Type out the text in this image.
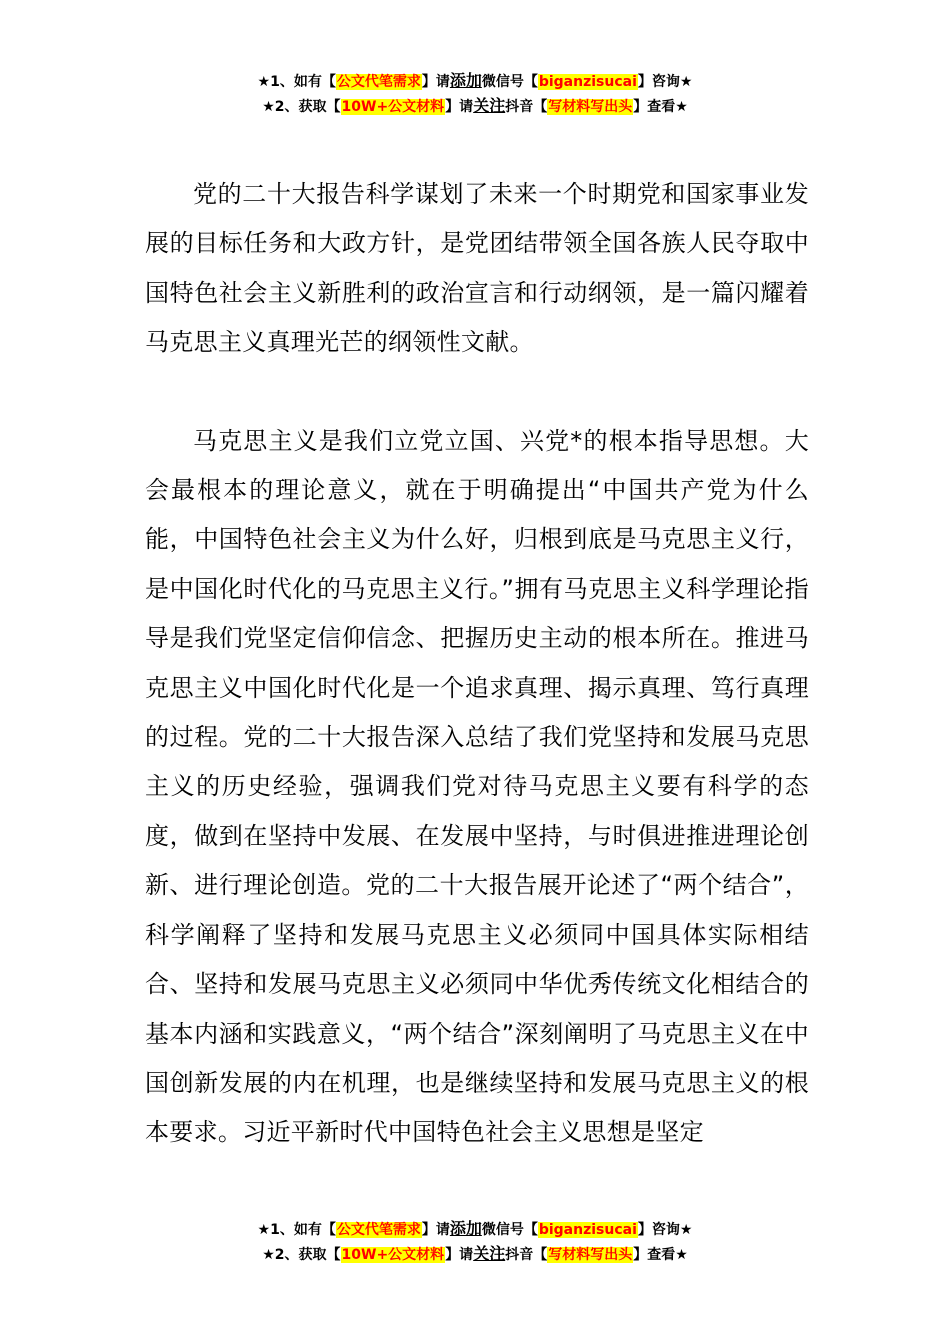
★1、如有【公文代笔需求】请添加微信号【biganzisucai】咨询★
★2、获取【10W+公文材料】请关注抖音【写材料写出头】查看★

党的二十大报告科学谋划了未来一个时期党和国家事业发展的目标任务和大政方针，是党团结带领全国各族人民夺取中国特色社会主义新胜利的政治宣言和行动纲领，是一篇闪耀着马克思主义真理光芒的纲领性文献。

马克思主义是我们立党立国、兴党*的根本指导思想。大会最根本的理论意义，就在于明确提出“中国共产党为什么能，中国特色社会主义为什么好，归根到底是马克思主义行，是中国化时代化的马克思主义行。”拥有马克思主义科学理论指导是我们党坚定信仰信念、把握历史主动的根本所在。推进马克思主义中国化时代化是一个追求真理、揭示真理、笃行真理的过程。党的二十大报告深入总结了我们党坚持和发展马克思主义的历史经验，强调我们党对待马克思主义要有科学的态度，做到在坚持中发展、在发展中坚持，与时俱进推进理论创新、进行理论创造。党的二十大报告展开论述了“两个结合”，科学阐释了坚持和发展马克思主义必须同中国具体实际相结合、坚持和发展马克思主义必须同中华优秀传统文化相结合的基本内涵和实践意义，“两个结合”深刻阐明了马克思主义在中国创新发展的内在机理，也是继续坚持和发展马克思主义的根本要求。习近平新时代中国特色社会主义思想是坚定

★1、如有【公文代笔需求】请添加微信号【biganzisucai】咨询★
★2、获取【10W+公文材料】请关注抖音【写材料写出头】查看★
